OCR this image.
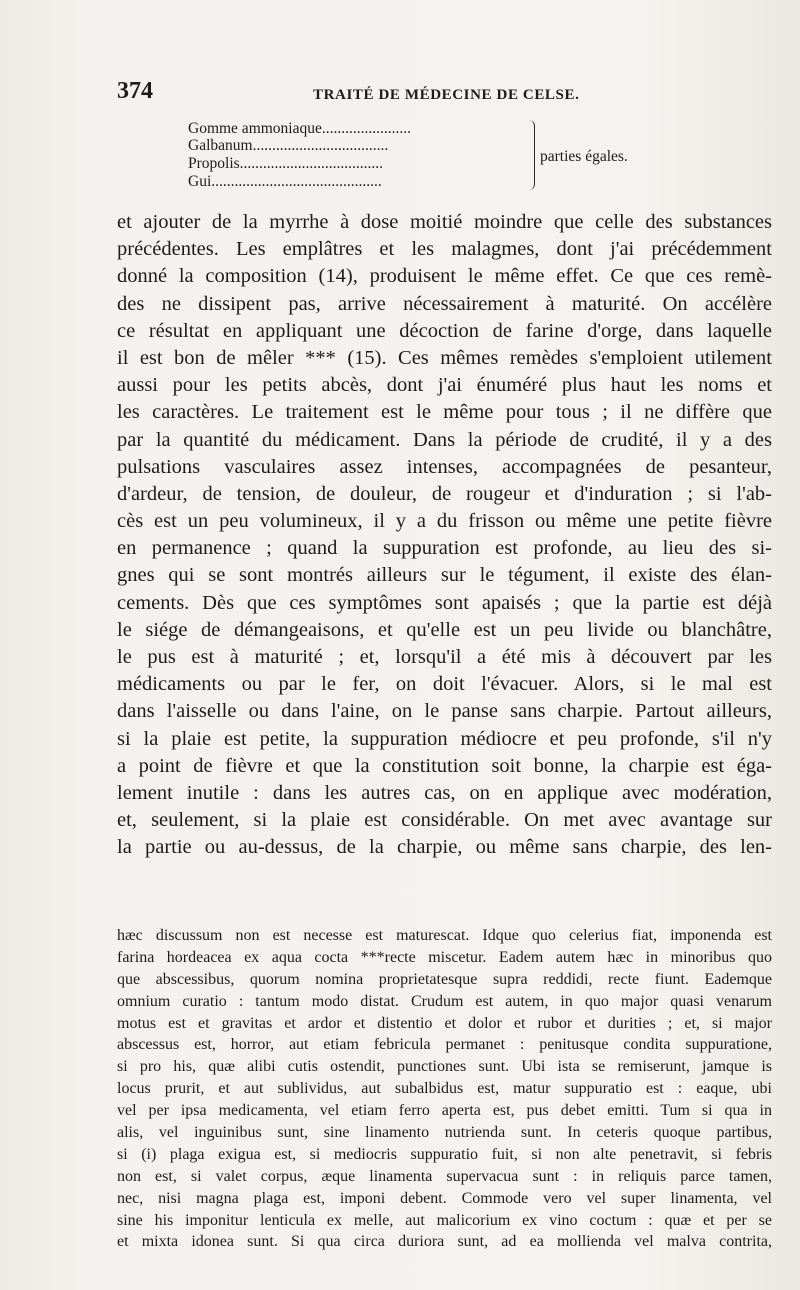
374	TRAITÉ DE MÉDECINE DE CELSE.
Gomme ammoniaque.......................
Galbanum...................................
Propolis.....................................
Gui............................................
parties égales.
et ajouter de la myrrhe à dose moitié moindre que celle des substances
précédentes. Les emplâtres et les malagmes, dont j'ai précédemment
donné la composition (14), produisent le même effet. Ce que ces remè-
des ne dissipent pas, arrive nécessairement à maturité. On accélère
ce résultat en appliquant une décoction de farine d'orge, dans laquelle
il est bon de mêler *** (15). Ces mêmes remèdes s'emploient utilement
aussi pour les petits abcès, dont j'ai énuméré plus haut les noms et
les caractères. Le traitement est le même pour tous ; il ne diffère que
par la quantité du médicament. Dans la période de crudité, il y a des
pulsations vasculaires assez intenses, accompagnées de pesanteur,
d'ardeur, de tension, de douleur, de rougeur et d'induration ; si l'ab-
cès est un peu volumineux, il y a du frisson ou même une petite fièvre
en permanence ; quand la suppuration est profonde, au lieu des si-
gnes qui se sont montrés ailleurs sur le tégument, il existe des élan-
cements. Dès que ces symptômes sont apaisés ; que la partie est déjà
le siége de démangeaisons, et qu'elle est un peu livide ou blanchâtre,
le pus est à maturité ; et, lorsqu'il a été mis à découvert par les
médicaments ou par le fer, on doit l'évacuer. Alors, si le mal est
dans l'aisselle ou dans l'aine, on le panse sans charpie. Partout ailleurs,
si la plaie est petite, la suppuration médiocre et peu profonde, s'il n'y
a point de fièvre et que la constitution soit bonne, la charpie est éga-
lement inutile : dans les autres cas, on en applique avec modération,
et, seulement, si la plaie est considérable. On met avec avantage sur
la partie ou au-dessus, de la charpie, ou même sans charpie, des len-
hæc discussum non est necesse est maturescat. Idque quo celerius fiat, imponenda est
farina hordeacea ex aqua cocta ***recte miscetur. Eadem autem hæc in minoribus quo
que abscessibus, quorum nomina proprietatesque supra reddidi, recte fiunt. Eademque
omnium curatio : tantum modo distat. Crudum est autem, in quo major quasi venarum
motus est et gravitas et ardor et distentio et dolor et rubor et durities ; et, si major
abscessus est, horror, aut etiam febricula permanet : penitusque condita suppuratione,
si pro his, quæ alibi cutis ostendit, punctiones sunt. Ubi ista se remiserunt, jamque is
locus prurit, et aut sublividus, aut subalbidus est, matur suppuratio est : eaque, ubi
vel per ipsa medicamenta, vel etiam ferro aperta est, pus debet emitti. Tum si qua in
alis, vel inguinibus sunt, sine linamento nutrienda sunt. In ceteris quoque partibus,
si (i) plaga exigua est, si mediocris suppuratio fuit, si non alte penetravit, si febris
non est, si valet corpus, æque linamenta supervacua sunt : in reliquis parce tamen,
nec, nisi magna plaga est, imponi debent. Commode vero vel super linamenta, vel
sine his imponitur lenticula ex melle, aut malicorium ex vino coctum : quæ et per se
et mixta idonea sunt. Si qua circa duriora sunt, ad ea mollienda vel malva contrita,
